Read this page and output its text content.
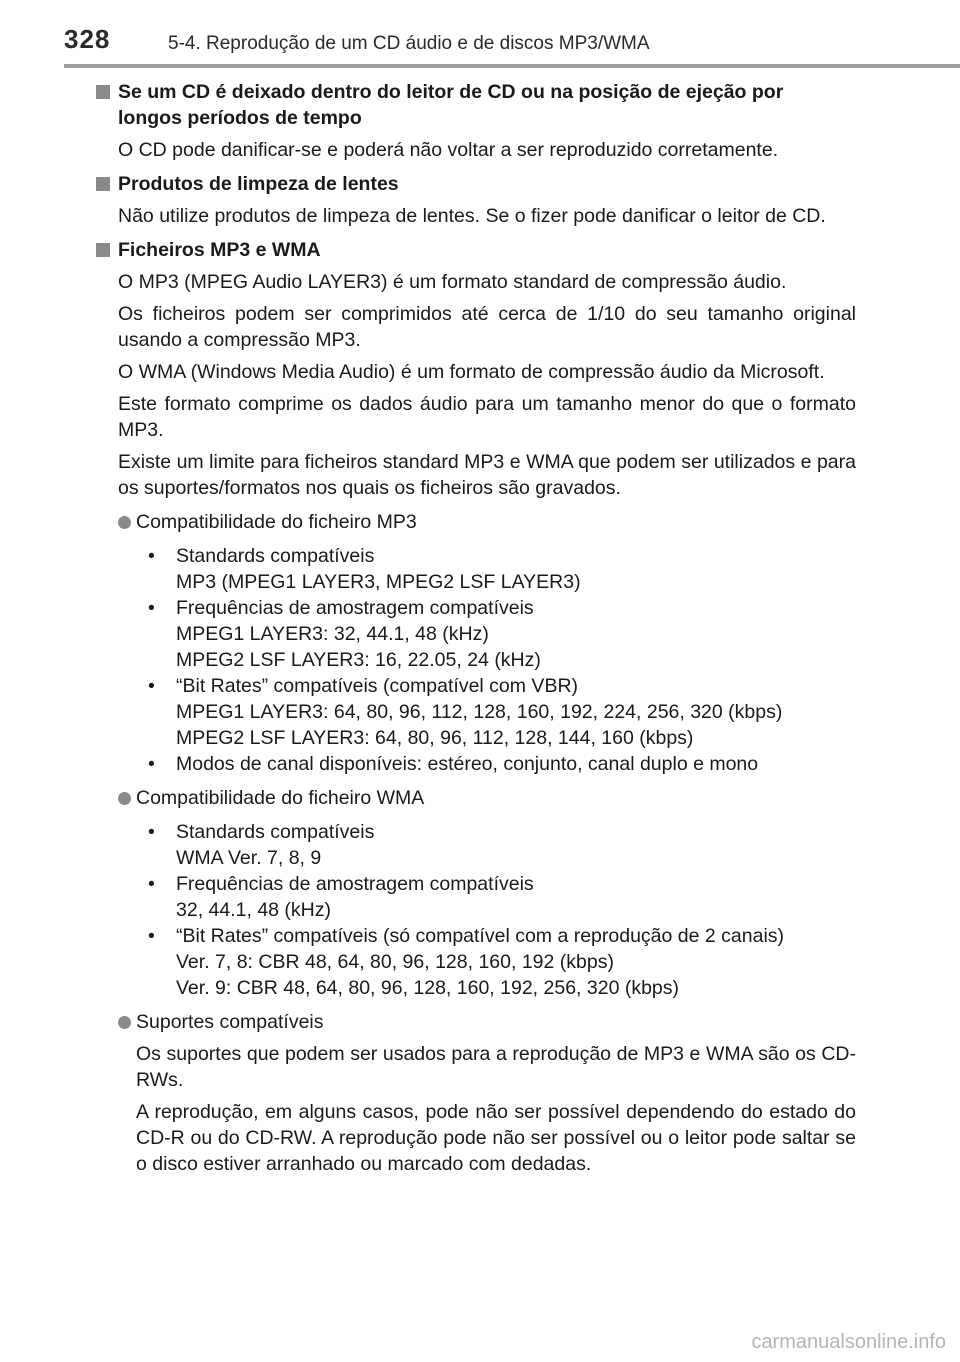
328	5-4. Reprodução de um CD áudio e de discos MP3/WMA

Se um CD é deixado dentro do leitor de CD ou na posição de ejeção por
longos períodos de tempo

O CD pode danificar-se e poderá não voltar a ser reproduzido corretamente.

Produtos de limpeza de lentes

Não utilize produtos de limpeza de lentes. Se o fizer pode danificar o leitor de CD.

Ficheiros MP3 e WMA

O MP3 (MPEG Audio LAYER3) é um formato standard de compressão áudio.

Os ficheiros podem ser comprimidos até cerca de 1/10 do seu tamanho original usando a compressão MP3.

O WMA (Windows Media Audio) é um formato de compressão áudio da Microsoft.

Este formato comprime os dados áudio para um tamanho menor do que o formato MP3.

Existe um limite para ficheiros standard MP3 e WMA que podem ser utilizados e para os suportes/formatos nos quais os ficheiros são gravados.

Compatibilidade do ficheiro MP3
• Standards compatíveis
MP3 (MPEG1 LAYER3, MPEG2 LSF LAYER3)
• Frequências de amostragem compatíveis
MPEG1 LAYER3: 32, 44.1, 48 (kHz)
MPEG2 LSF LAYER3: 16, 22.05, 24 (kHz)
• “Bit Rates” compatíveis (compatível com VBR)
MPEG1 LAYER3: 64, 80, 96, 112, 128, 160, 192, 224, 256, 320 (kbps)
MPEG2 LSF LAYER3: 64, 80, 96, 112, 128, 144, 160 (kbps)
• Modos de canal disponíveis: estéreo, conjunto, canal duplo e mono
Compatibilidade do ficheiro WMA
• Standards compatíveis
WMA Ver. 7, 8, 9
• Frequências de amostragem compatíveis
32, 44.1, 48 (kHz)
• “Bit Rates” compatíveis (só compatível com a reprodução de 2 canais)
Ver. 7, 8: CBR 48, 64, 80, 96, 128, 160, 192 (kbps)
Ver. 9: CBR 48, 64, 80, 96, 128, 160, 192, 256, 320 (kbps)
Suportes compatíveis

Os suportes que podem ser usados para a reprodução de MP3 e WMA são os CD-RWs.

A reprodução, em alguns casos, pode não ser possível dependendo do estado do CD-R ou do CD-RW. A reprodução pode não ser possível ou o leitor pode saltar se o disco estiver arranhado ou marcado com dedadas.

carmanualsonline.info
